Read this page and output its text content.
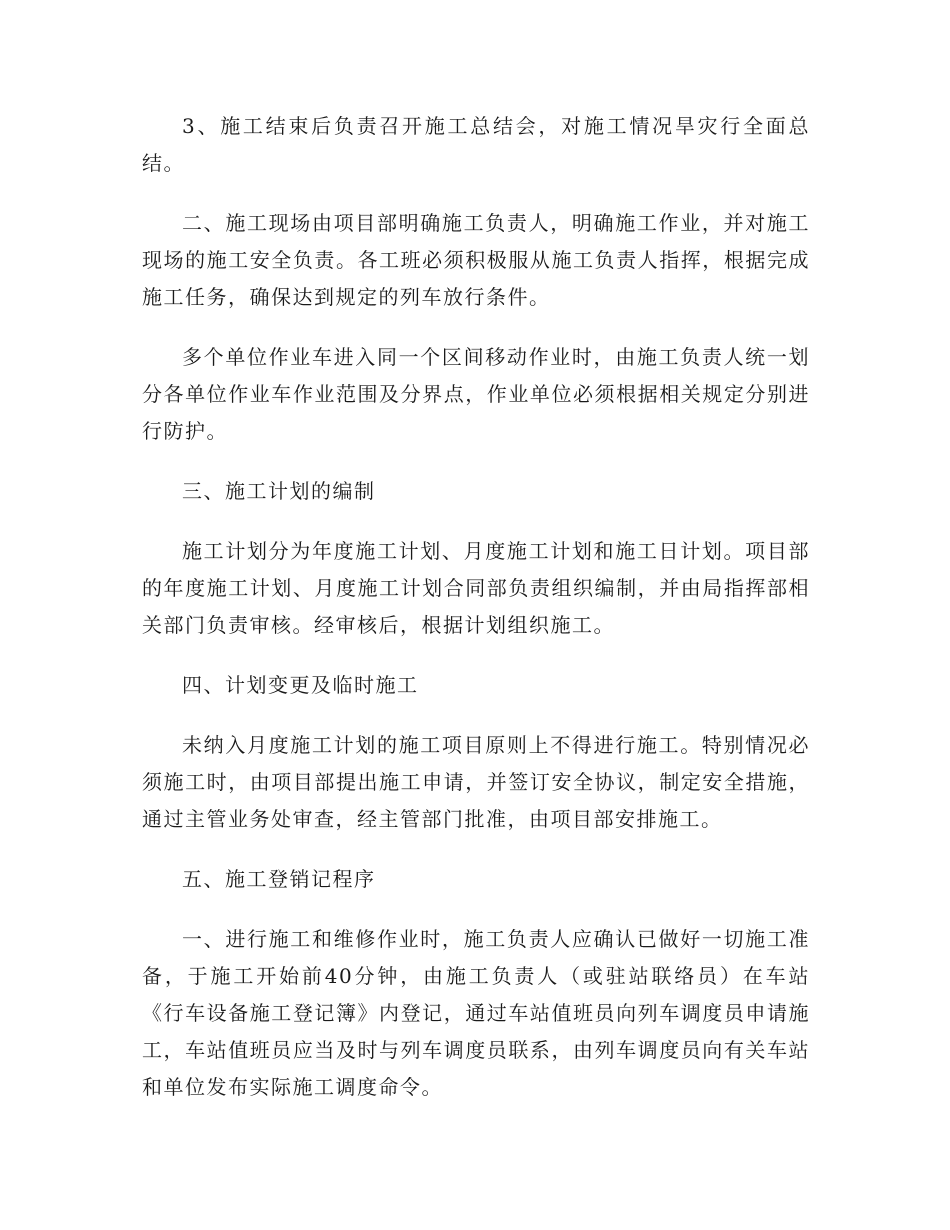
3、施工结束后负责召开施工总结会，对施工情况旱灾行全面总结。

二、施工现场由项目部明确施工负责人，明确施工作业，并对施工现场的施工安全负责。各工班必须积极服从施工负责人指挥，根据完成施工任务，确保达到规定的列车放行条件。

多个单位作业车进入同一个区间移动作业时，由施工负责人统一划分各单位作业车作业范围及分界点，作业单位必须根据相关规定分别进行防护。

三、施工计划的编制

施工计划分为年度施工计划、月度施工计划和施工日计划。项目部的年度施工计划、月度施工计划合同部负责组织编制，并由局指挥部相关部门负责审核。经审核后，根据计划组织施工。

四、计划变更及临时施工

未纳入月度施工计划的施工项目原则上不得进行施工。特别情况必须施工时，由项目部提出施工申请，并签订安全协议，制定安全措施，通过主管业务处审查，经主管部门批准，由项目部安排施工。

五、施工登销记程序

一、进行施工和维修作业时，施工负责人应确认已做好一切施工准备，于施工开始前40分钟，由施工负责人（或驻站联络员）在车站《行车设备施工登记簿》内登记，通过车站值班员向列车调度员申请施工，车站值班员应当及时与列车调度员联系，由列车调度员向有关车站和单位发布实际施工调度命令。
